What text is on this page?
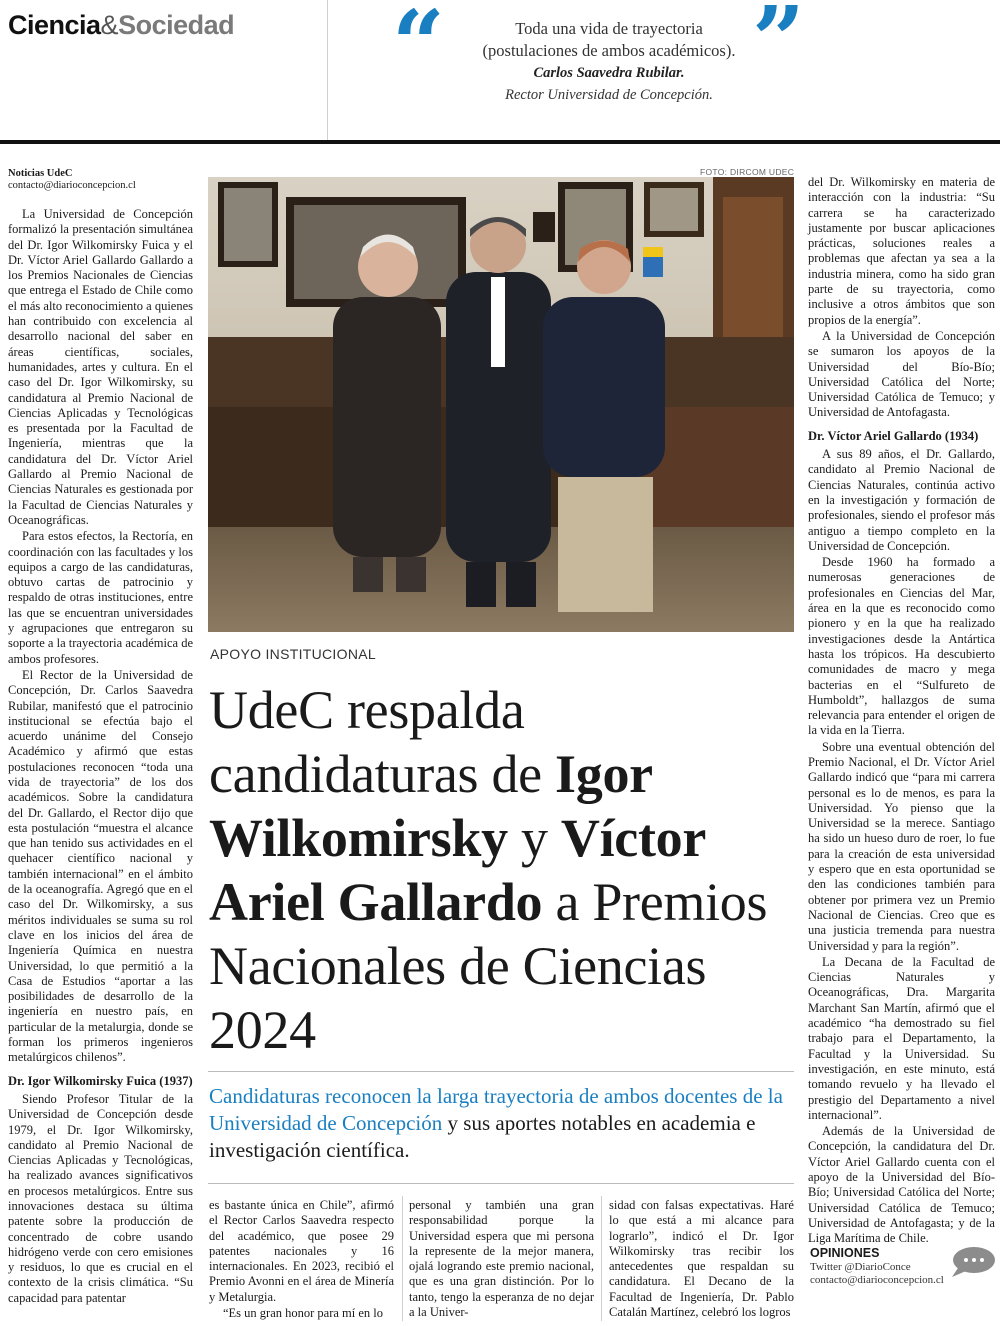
Ciencia&Sociedad “	Toda una vida de trayectoria
(postulaciones de ambos académicos).
Carlos Saavedra Rubilar.
Rector Universidad de Concepción.
”
Noticias UdeC
contacto@diarioconcepcion.cl

La Universidad de Concepción formalizó la presentación simultánea del Dr. Igor Wilkomirsky Fuica y el Dr. Víctor Ariel Gallardo Gallardo a los Premios Nacionales de Ciencias que entrega el Estado de Chile como el más alto reconocimiento a quienes han contribuido con excelencia al desarrollo nacional del saber en áreas científicas, sociales, humanidades, artes y cultura. En el caso del Dr. Igor Wilkomirsky, su candidatura al Premio Nacional de Ciencias Aplicadas y Tecnológicas es presentada por la Facultad de Ingeniería, mientras que la candidatura del Dr. Víctor Ariel Gallardo al Premio Nacional de Ciencias Naturales es gestionada por la Facultad de Ciencias Naturales y Oceanográficas.

Para estos efectos, la Rectoría, en coordinación con las facultades y los equipos a cargo de las candidaturas, obtuvo cartas de patrocinio y respaldo de otras instituciones, entre las que se encuentran universidades y agrupaciones que entregaron su soporte a la trayectoria académica de ambos profesores.

El Rector de la Universidad de Concepción, Dr. Carlos Saavedra Rubilar, manifestó que el patrocinio institucional se efectúa bajo el acuerdo unánime del Consejo Académico y afirmó que estas postulaciones reconocen “toda una vida de trayectoria” de los dos académicos. Sobre la candidatura del Dr. Gallardo, el Rector dijo que esta postulación “muestra el alcance que han tenido sus actividades en el quehacer científico nacional y también internacional” en el ámbito de la oceanografía. Agregó que en el caso del Dr. Wilkomirsky, a sus méritos individuales se suma su rol clave en los inicios del área de Ingeniería Química en nuestra Universidad, lo que permitió a la Casa de Estudios “aportar a las posibilidades de desarrollo de la ingeniería en nuestro país, en particular de la metalurgia, donde se forman los primeros ingenieros metalúrgicos chilenos”.

Dr. Igor Wilkomirsky Fuica (1937)

Siendo Profesor Titular de la Universidad de Concepción desde 1979, el Dr. Igor Wilkomirsky, candidato al Premio Nacional de Ciencias Aplicadas y Tecnológicas, ha realizado avances significativos en procesos metalúrgicos. Entre sus innovaciones destaca su última patente sobre la producción de concentrado de cobre usando hidrógeno verde con cero emisiones y residuos, lo que es crucial en el contexto de la crisis climática. “Su capacidad para patentar

FOTO: DIRCOM UDEC
APOYO INSTITUCIONAL
UdeC respalda candidaturas de Igor Wilkomirsky y Víctor Ariel Gallardo a Premios Nacionales de Ciencias 2024
Candidaturas reconocen la larga trayectoria de ambos docentes de la Universidad de Concepción y sus aportes notables en academia e investigación científica.

es bastante única en Chile”, afirmó el Rector Carlos Saavedra respecto del académico, que posee 29 patentes nacionales y 16 internacionales. En 2023, recibió el Premio Avonni en el área de Minería y Metalurgia.

“Es un gran honor para mí en lo

personal y también una gran responsabilidad porque la Universidad espera que mi persona la represente de la mejor manera, ojalá logrando este premio nacional, que es una gran distinción. Por lo tanto, tengo la esperanza de no dejar a la Univer-

sidad con falsas expectativas. Haré lo que está a mi alcance para lograrlo”, indicó el Dr. Igor Wilkomirsky tras recibir los antecedentes que respaldan su candidatura. El Decano de la Facultad de Ingeniería, Dr. Pablo Catalán Martínez, celebró los logros

del Dr. Wilkomirsky en materia de interacción con la industria: “Su carrera se ha caracterizado justamente por buscar aplicaciones prácticas, soluciones reales a problemas que afectan ya sea a la industria minera, como ha sido gran parte de su trayectoria, como inclusive a otros ámbitos que son propios de la energía”.

A la Universidad de Concepción se sumaron los apoyos de la Universidad del Bío-Bío; Universidad Católica del Norte; Universidad Católica de Temuco; y Universidad de Antofagasta.

Dr. Víctor Ariel Gallardo (1934)

A sus 89 años, el Dr. Gallardo, candidato al Premio Nacional de Ciencias Naturales, continúa activo en la investigación y formación de profesionales, siendo el profesor más antiguo a tiempo completo en la Universidad de Concepción.

Desde 1960 ha formado a numerosas generaciones de profesionales en Ciencias del Mar, área en la que es reconocido como pionero y en la que ha realizado investigaciones desde la Antártica hasta los trópicos. Ha descubierto comunidades de macro y mega bacterias en el “Sulfureto de Humboldt”, hallazgos de suma relevancia para entender el origen de la vida en la Tierra.

Sobre una eventual obtención del Premio Nacional, el Dr. Víctor Ariel Gallardo indicó que “para mi carrera personal es lo de menos, es para la Universidad. Yo pienso que la Universidad se la merece. Santiago ha sido un hueso duro de roer, lo fue para la creación de esta universidad y espero que en esta oportunidad se den las condiciones también para obtener por primera vez un Premio Nacional de Ciencias. Creo que es una justicia tremenda para nuestra Universidad y para la región”.

La Decana de la Facultad de Ciencias Naturales y Oceanográficas, Dra. Margarita Marchant San Martín, afirmó que el académico “ha demostrado su fiel trabajo para el Departamento, la Facultad y la Universidad. Su investigación, en este minuto, está tomando revuelo y ha llevado el prestigio del Departamento a nivel internacional”.

Además de la Universidad de Concepción, la candidatura del Dr. Víctor Ariel Gallardo cuenta con el apoyo de la Universidad del Bío-Bío; Universidad Católica del Norte; Universidad Católica de Temuco; Universidad de Antofagasta; y de la Liga Marítima de Chile.

OPINIONES
Twitter @DiarioConce
contacto@diarioconcepcion.cl
